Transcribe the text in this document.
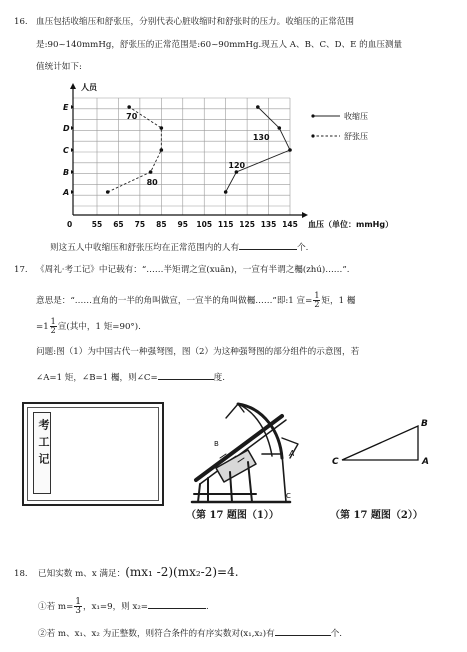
16. 血压包括收缩压和舒张压，分别代表心脏收缩时和舒张时的压力。收缩压的正常范围
是:90~140mmHg，舒张压的正常范围是:60~90mmHg.现五人 A、B、C、D、E 的血压测量
值统计如下:
55 65 75 85 95 105 115 125 135 145
0
A
B
C
D
E
人员
血压（单位：mmHg）
70
130
120
80
收缩压
舒张压
则这五人中收缩压和舒张压均在正常范围内的人有	个.
17. 《周礼·考工记》中记载有：“……半矩谓之宣(xuān)，一宣有半谓之欘(zhú)……”.
意思是：“……直角的一半的角叫做宣，一宣半的角叫做欘……”即:1 宣= $\frac{1}{2}$ 矩，1 欘
$=1 \frac{1}{2}$ 宣(其中，1 矩=90°).
问题:图（1）为中国古代一种强弩图，图（2）为这种强弩图的部分组件的示意图，若
∠A=1 矩，∠B=1 欘，则∠C=	度.
考工记	A
B
C
C	A
B
（第 17 题图（1））	（第 17 题图（2））
18. 已知实数 m、x 满足：(mx₁ -2)(mx₂-2)=4.
①若 $m= \frac{1}{3}$ ，x₁=9，则 x₂=	.
②若 m、x₁、x₂ 为正整数，则符合条件的有序实数对(x₁,x₂)有	个.
